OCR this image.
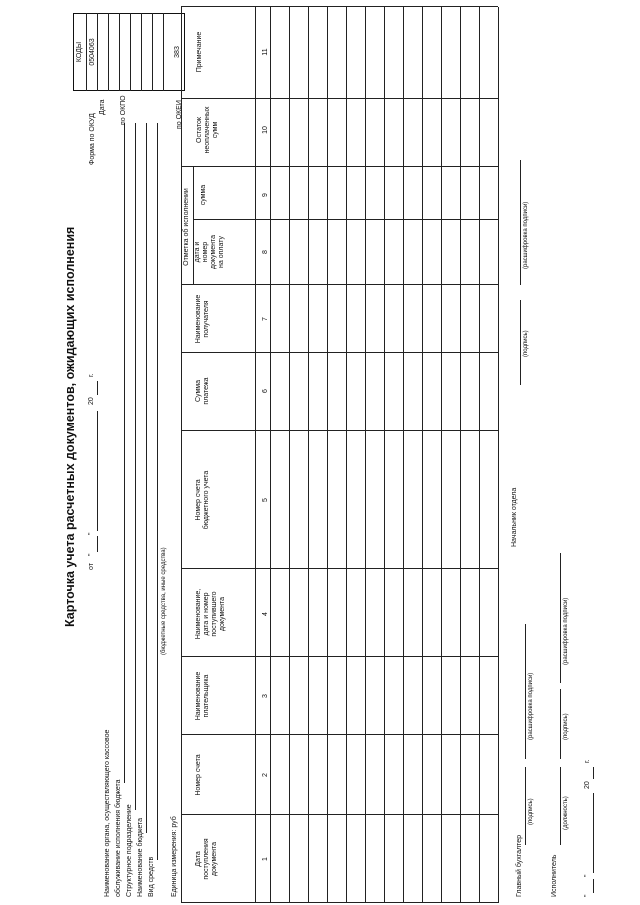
Карточка учета расчетных документов, ожидающих исполнения от
"
"
20
г.
Наименование органа, осуществляющего кассовое обслуживание исполнения бюджета Структурное подразделение Наименование бюджета Вид средств
(бюджетные средства, иные средства)
Единица измерения: руб
Форма по ОКУД
Дата по ОКПО	по ОКЕИ
КОДЫ 0504063	383
Дата
поступления
документа
Номер счета
Наименование
плательщика
Наименование,
дата и номер
поступившего
документа
Номер счета
бюджетного учета
Сумма
платежа
Наименование
получателя
Отметка об исполнении дата и
номер
документа
на оплату
сумма
Остаток
неоплаченных
сумм
Примечание
1
2
3
4
5
6
7
8
9
10
11
Главный бухгалтер
(подпись)
(расшифровка подписи)
Начальник отдела
(подпись)
(расшифровка подписи)
Исполнитель
(должность)
(подпись)
(расшифровка подписи)
"
"
20
г.
